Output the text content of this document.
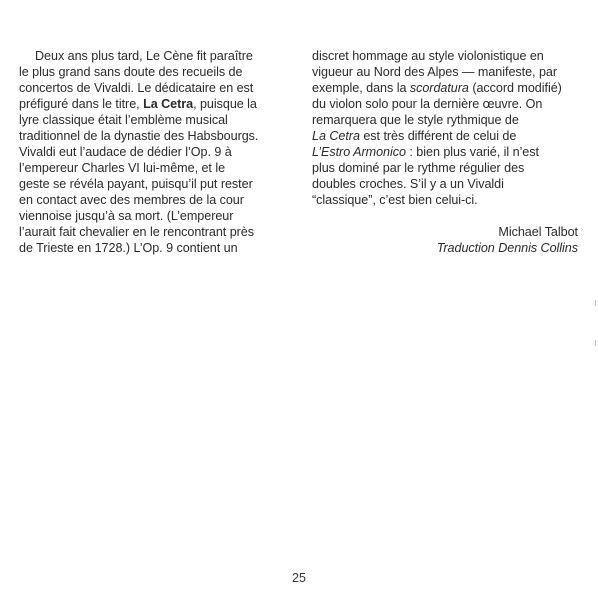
Deux ans plus tard, Le Cène fit paraître
le plus grand sans doute des recueils de
concertos de Vivaldi. Le dédicataire en est
préfiguré dans le titre, La Cetra, puisque la
lyre classique était l’emblème musical
traditionnel de la dynastie des Habsbourgs.
Vivaldi eut l’audace de dédier l’Op. 9 à
l’empereur Charles VI lui-même, et le
geste se révéla payant, puisqu’il put rester
en contact avec des membres de la cour
viennoise jusqu’à sa mort. (L’empereur
l’aurait fait chevalier en le rencontrant près
de Trieste en 1728.) L’Op. 9 contient un
discret hommage au style violonistique en
vigueur au Nord des Alpes — manifeste, par
exemple, dans la scordatura (accord modifié)
du violon solo pour la dernière œuvre. On
remarquera que le style rythmique de
La Cetra est très différent de celui de
L’Estro Armonico : bien plus varié, il n’est
plus dominé par le rythme régulier des
doubles croches. S’il y a un Vivaldi
“classique”, c’est bien celui-ci.
Michael Talbot
Traduction Dennis Collins
25
